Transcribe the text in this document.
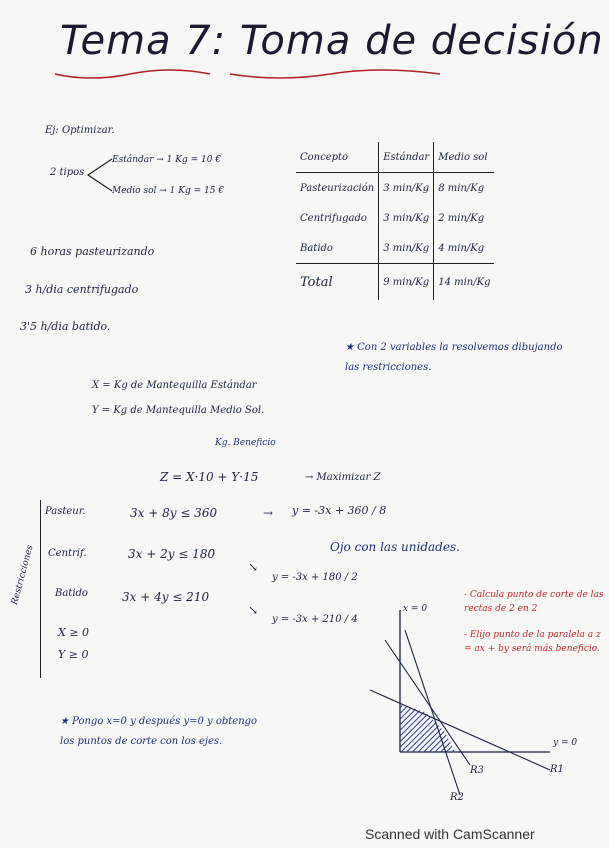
Tema 7: Toma de decisión
Ej: Optimizar.
2 tipos
Estándar → 1 Kg = 10 €
Medio sol → 1 Kg = 15 €
6 horas pasteurizando
3 h/dia centrifugado
3'5 h/dia batido.
Concepto	Estándar	Medio sol
Pasteurización	3 min/Kg	8 min/Kg
Centrifugado	3 min/Kg	2 min/Kg
Batido	3 min/Kg	4 min/Kg
Total	9 min/Kg	14 min/Kg
★ Con 2 variables la resolvemos dibujando las restricciones.
X = Kg de Mantequilla Estándar
Y = Kg de Mantequilla Medio Sol.
Kg. Beneficio
Z = X·10 + Y·15	→ Maximizar Z
Restricciones
Pasteur.	3x + 8y ≤ 360	→ y = -3x + 360 / 8
Centrif.	3x + 2y ≤ 180
↘
y = -3x + 180 / 2
Batido	3x + 4y ≤ 210
↘
y = -3x + 210 / 4
X ≥ 0
Y ≥ 0
Ojo con las unidades.
- Calcula punto de corte de las rectas de 2 en 2
- Elijo punto de la paralela a z = ax + by será más beneficio.
x = 0
y = 0
R1
R2
R3
★ Pongo x=0 y después y=0 y obtengo los puntos de corte con los ejes.
Scanned with CamScanner
